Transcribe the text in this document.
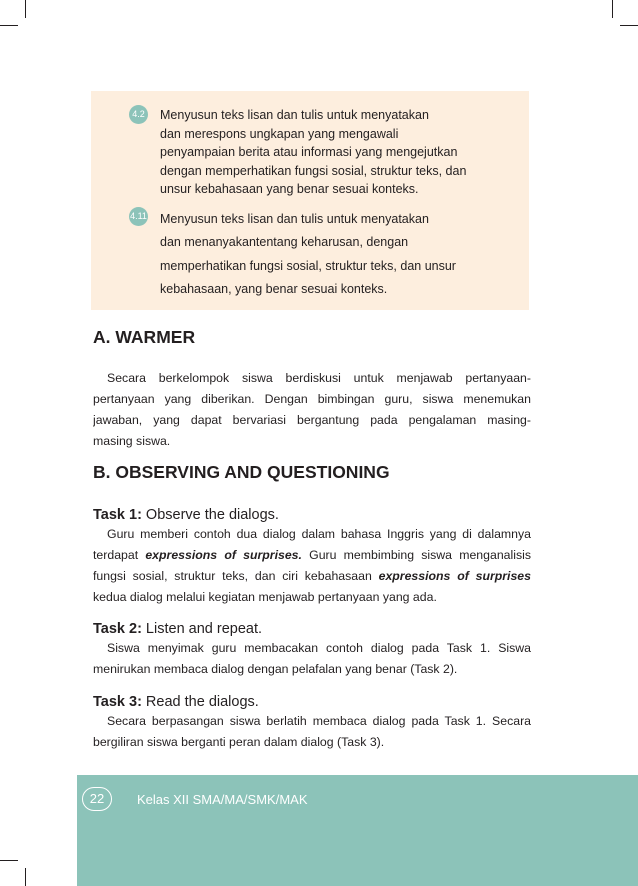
4.2 Menyusun teks lisan dan tulis untuk menyatakan
dan merespons ungkapan yang mengawali
penyampaian berita atau informasi yang mengejutkan
dengan memperhatikan fungsi sosial, struktur teks, dan
unsur kebahasaan yang benar sesuai konteks.
4.11 Menyusun teks lisan dan tulis untuk menyatakan
dan menanyakantentang keharusan, dengan
memperhatikan fungsi sosial, struktur teks, dan unsur
kebahasaan, yang benar sesuai konteks.
A. WARMER
Secara berkelompok siswa berdiskusi untuk menjawab pertanyaan-
pertanyaan yang diberikan. Dengan bimbingan guru, siswa menemukan
jawaban, yang dapat bervariasi bergantung pada pengalaman masing-
masing siswa.
B. OBSERVING AND QUESTIONING
Task 1: Observe the dialogs.
Guru memberi contoh dua dialog dalam bahasa Inggris yang di dalamnya
terdapat expressions of surprises. Guru membimbing siswa menganalisis
fungsi sosial, struktur teks, dan ciri kebahasaan expressions of surprises
kedua dialog melalui kegiatan menjawab pertanyaan yang ada.
Task 2: Listen and repeat.
Siswa menyimak guru membacakan contoh dialog pada Task 1. Siswa
menirukan membaca dialog dengan pelafalan yang benar (Task 2).
Task 3: Read the dialogs.
Secara berpasangan siswa berlatih membaca dialog pada Task 1. Secara
bergiliran siswa berganti peran dalam dialog (Task 3).
22	Kelas XII SMA/MA/SMK/MAK
